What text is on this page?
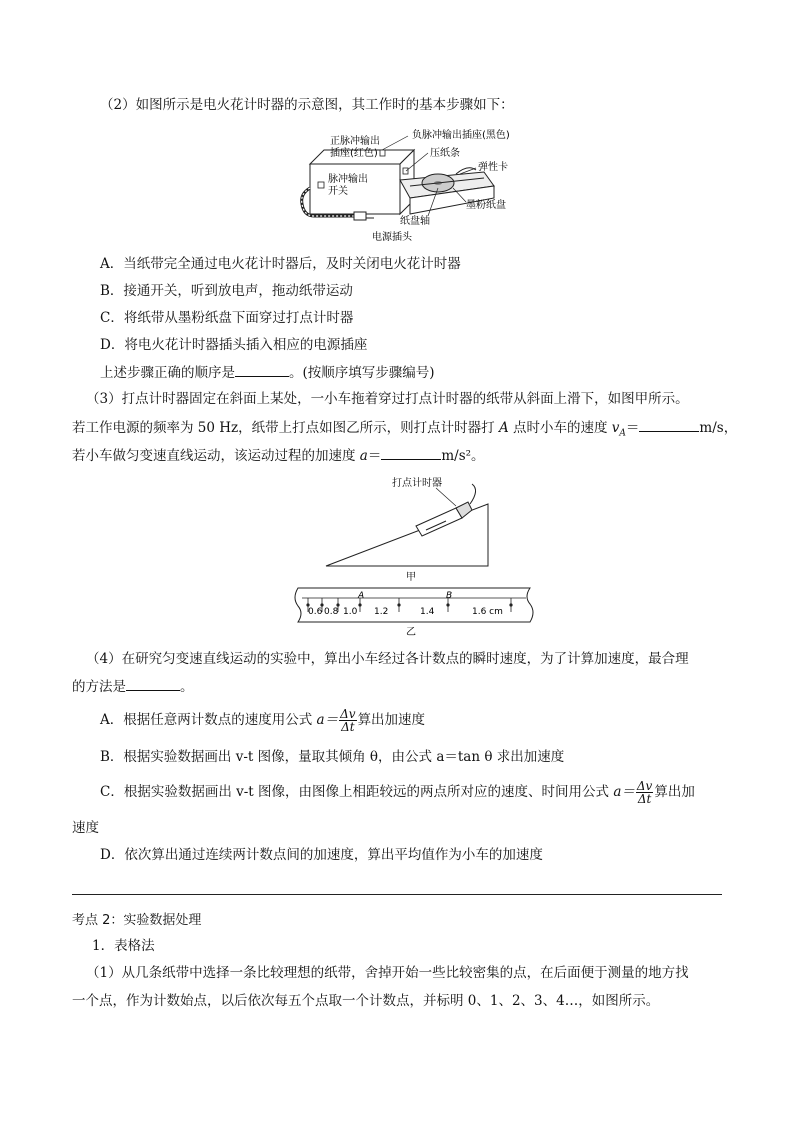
（2）如图所示是电火花计时器的示意图，其工作时的基本步骤如下：
正脉冲输出
插座(红色)
负脉冲输出插座(黑色)
压纸条
弹性卡
脉冲输出
开关
墨粉纸盘
纸盘轴
电源插头
A．当纸带完全通过电火花计时器后，及时关闭电火花计时器
B．接通开关，听到放电声，拖动纸带运动
C．将纸带从墨粉纸盘下面穿过打点计时器
D．将电火花计时器插头插入相应的电源插座
上述步骤正确的顺序是	。(按顺序填写步骤编号)
（3）打点计时器固定在斜面上某处，一小车拖着穿过打点计时器的纸带从斜面上滑下，如图甲所示。
若工作电源的频率为 50 Hz，纸带上打点如图乙所示，则打点计时器打 A 点时小车的速度 $v_A=$	m/s，
若小车做匀变速直线运动，该运动过程的加速度 a＝	m/s²。
打点计时器
甲
0.6 0.8 1.0 1.2	1.4	1.6 cm
A	B
乙
（4）在研究匀变速直线运动的实验中，算出小车经过各计数点的瞬时速度，为了计算加速度，最合理
的方法是	。
A．根据任意两计数点的速度用公式 $a= \frac{\Delta v}{\Delta t}$ 算出加速度
B．根据实验数据画出 v-t 图像，量取其倾角 θ，由公式 a＝tan θ 求出加速度
C．根据实验数据画出 v-t 图像，由图像上相距较远的两点所对应的速度、时间用公式 $a= \frac{\Delta v}{\Delta t}$ 算出加
速度
D．依次算出通过连续两计数点间的加速度，算出平均值作为小车的加速度
考点 2：实验数据处理
1．表格法
（1）从几条纸带中选择一条比较理想的纸带，舍掉开始一些比较密集的点，在后面便于测量的地方找
一个点，作为计数始点，以后依次每五个点取一个计数点，并标明 0、1、2、3、4…，如图所示。
